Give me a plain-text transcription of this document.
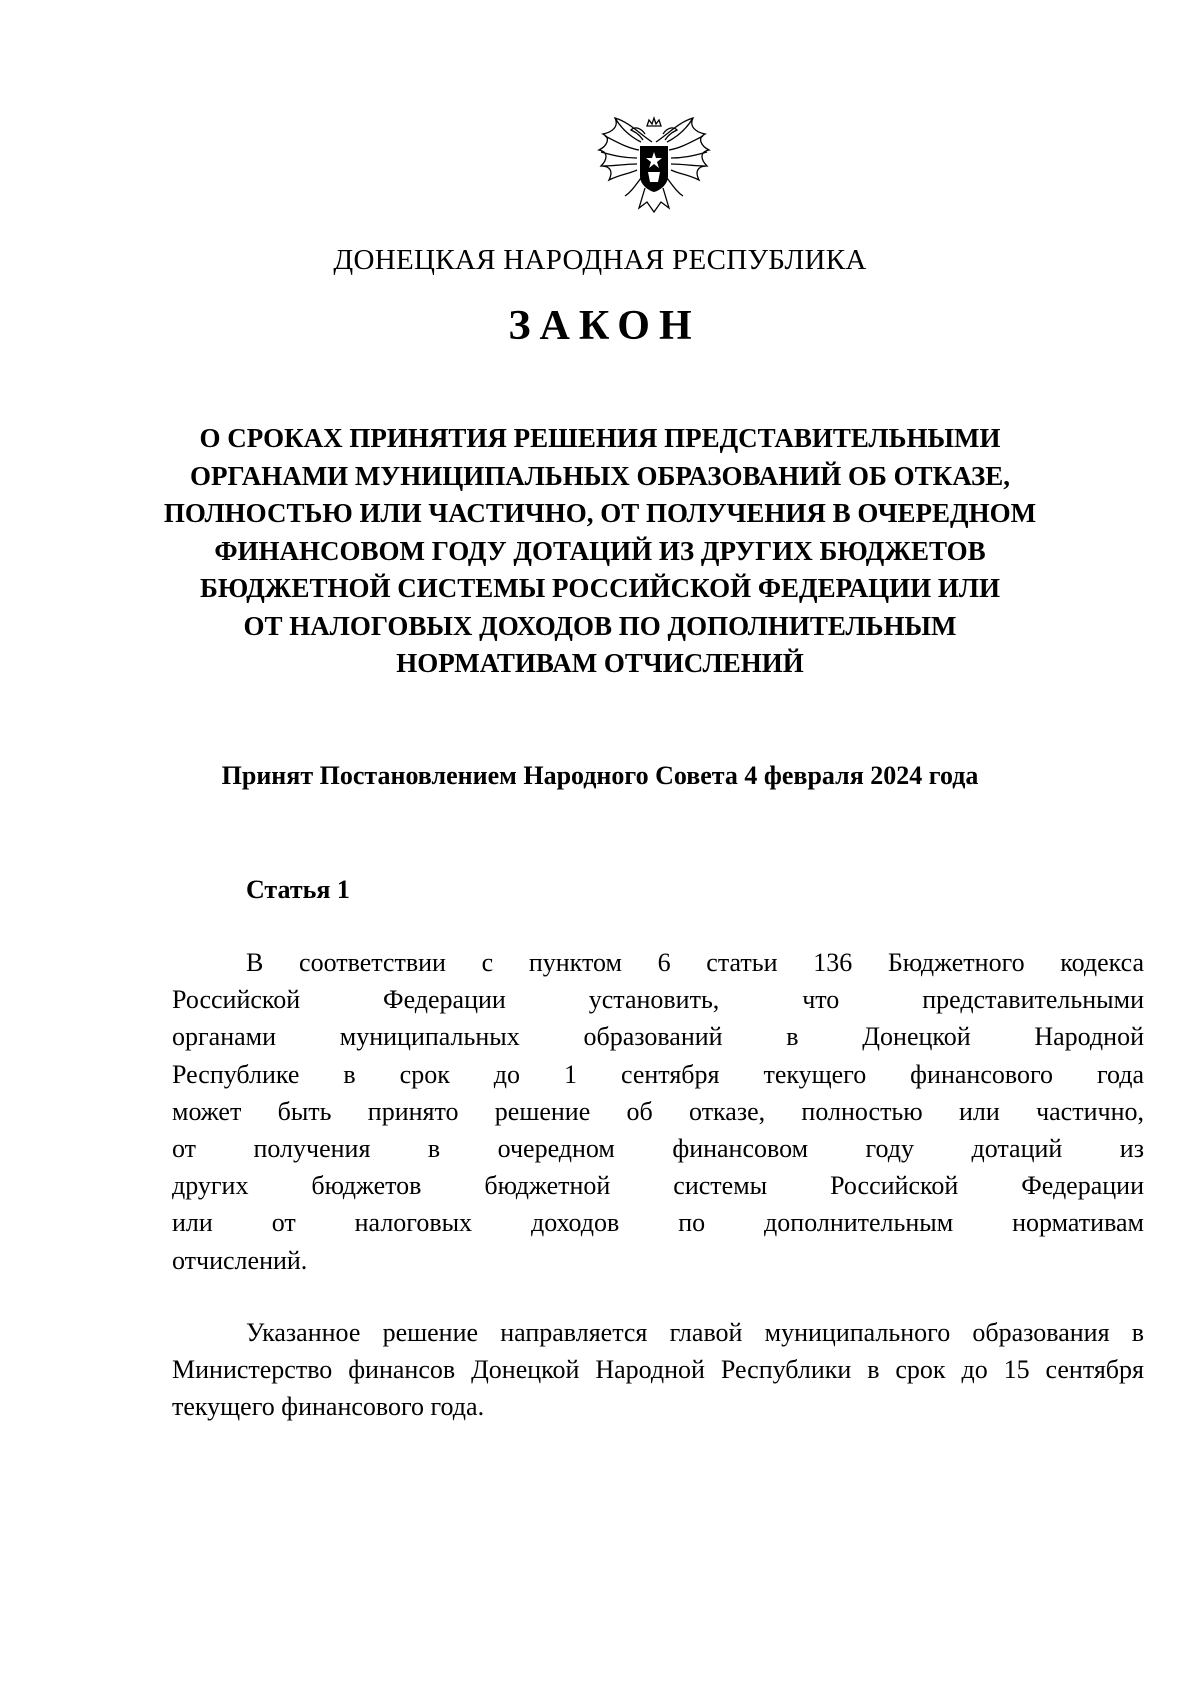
ДОНЕЦКАЯ НАРОДНАЯ РЕСПУБЛИКА
ЗАКОН
О СРОКАХ ПРИНЯТИЯ РЕШЕНИЯ ПРЕДСТАВИТЕЛЬНЫМИ
ОРГАНАМИ МУНИЦИПАЛЬНЫХ ОБРАЗОВАНИЙ ОБ ОТКАЗЕ,
ПОЛНОСТЬЮ ИЛИ ЧАСТИЧНО, ОТ ПОЛУЧЕНИЯ В ОЧЕРЕДНОМ
ФИНАНСОВОМ ГОДУ ДОТАЦИЙ ИЗ ДРУГИХ БЮДЖЕТОВ
БЮДЖЕТНОЙ СИСТЕМЫ РОССИЙСКОЙ ФЕДЕРАЦИИ ИЛИ
ОТ НАЛОГОВЫХ ДОХОДОВ ПО ДОПОЛНИТЕЛЬНЫМ
НОРМАТИВАМ ОТЧИСЛЕНИЙ
Принят Постановлением Народного Совета 4 февраля 2024 года
Статья 1
В соответствии с пунктом 6 статьи 136 Бюджетного кодекса
Российской Федерации установить, что представительными
органами муниципальных образований в Донецкой Народной
Республике в срок до 1 сентября текущего финансового года
может быть принято решение об отказе, полностью или частично,
от получения в очередном финансовом году дотаций из
других бюджетов бюджетной системы Российской Федерации
или от налоговых доходов по дополнительным нормативам
отчислений.
Указанное решение направляется главой муниципального образования в
Министерство финансов Донецкой Народной Республики в срок до 15 сентября
текущего финансового года.
